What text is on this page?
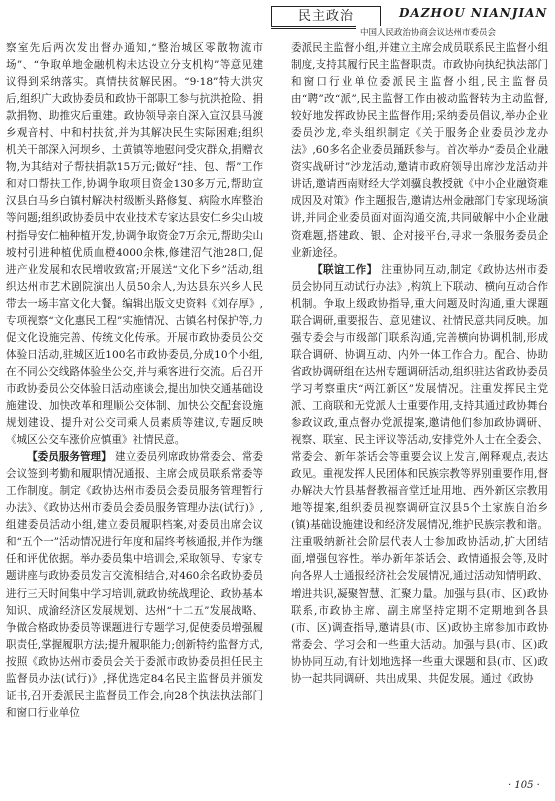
民主政治	DAZHOU NIANJIAN
中国人民政治协商会议达州市委员会

察室先后两次发出督办通知,“整治城区零散物流市场”、“争取单地金融机构未达设立分支机构”等意见建议得到采纳落实。真情扶贫解民困。“9·18”特大洪灾后,组织广大政协委员和政协干部职工参与抗洪抢险、捐款捐物、助推灾后重建。政协领导亲自深入宣汉县马渡乡观音村、中和村扶贫,并为其解决民生实际困难;组织机关干部深入河坝乡、土黄镇等地慰问受灾群众,捐赠衣物,为其结对子帮扶捐款15万元;做好“挂、包、帮”工作和对口帮扶工作,协调争取项目资金130多万元,帮助宣汉县白马乡白镇村解决村级断头路修复、病险水库整治等问题;组织政协委员中农业技术专家达县安仁乡尖山坡村指导安仁柚种植开发,协调争取资金7万余元,帮助尖山坡村引进种植优质血橙4000余株,修建沼气池28口,促进产业发展和农民增收致富;开展送“文化下乡”活动,组织达州市艺术剧院演出人员50余人,为达县东兴乡人民带去一场丰富文化大餐。编辑出版文史资料《刘存厚》,专项视察“文化惠民工程”实施情况、古镇名村保护等,力促文化设施完善、传统文化传承。开展市政协委员公交体验日活动,驻城区近100名市政协委员,分成10个小组,在不同公交线路体验坐公交,并与乘客进行交流。后召开市政协委员公交体验日活动座谈会,提出加快交通基础设施建设、加快改革和理顺公交体制、加快公交配套设施规划建设、提升对公交司乘人员素质等建议,专题反映《城区公交车涨价应慎重》社情民意。

【 委员服务管理 】 建立委员列席政协常委会、常委会议签到考勤和履职情况通报、主席会成员联系常委等工作制度。制定《政协达州市委员会委员服务管理暂行办法》、《政协达州市委员会委员服务管理办法(试行)》,组建委员活动小组,建立委员履职档案,对委员出席会议和“五个一”活动情况进行年度和届终考核通报,并作为继任和评优依据。举办委员集中培训会,采取领导、专家专题讲座与政协委员发言交流相结合,对460余名政协委员进行三天时间集中学习培训,就政协统战理论、政协基本知识、成渝经济区发展规划、达州“十二五”发展战略、争做合格政协委员等课题进行专题学习,促使委员增强履职责任,掌握履职方法;提升履职能力;创新特约监督方式,按照《政协达州市委员会关于委派市政协委员担任民主监督员办法(试行)》,择优选定84名民主监督员并颁发证书,召开委派民主监督员工作会,向28个执法执法部门和窗口行业单位

委派民主监督小组,并建立主席会成员联系民主监督小组制度,支持其履行民主监督职责。市政协向执纪执法部门和窗口行业单位委派民主监督小组,民主监督员由“聘”改“派”,民主监督工作由被动监督转为主动监督,较好地发挥政协民主监督作用;采纳委员倡议,举办企业委员沙龙,牵头组织制定《关于服务企业委员沙龙办法》,60多名企业委员踊跃参与。首次举办“委员企业融资实战研讨”沙龙活动,邀请市政府领导出席沙龙活动并讲话,邀请西南财经大学刘骥良教授就《中小企业融资难成因及对策》作主题报告,邀请达州金融部门专家现场演讲,并同企业委员面对面沟通交流,共同破解中小企业融资难题,搭建政、银、企对接平台,寻求一条服务委员企业新途径。

【 联谊工作 】 注重协同互动,制定《政协达州市委员会协同互动试行办法》,构筑上下联动、横向互动合作机制。争取上级政协指导,重大问题及时沟通,重大课题联合调研,重要报告、意见建议、社情民意共同反映。加强专委会与市级部门联系沟通,完善横向协调机制,形成联合调研、协调互动、内外一体工作合力。配合、协助省政协调研组在达州专题调研活动,组织驻达省政协委员学习考察重庆“两江新区”发展情况。注重发挥民主党派、工商联和无党派人士重要作用,支持其通过政协舞台参政议政,重点督办党派提案,邀请他们参加政协调研、视察、联室、民主评议等活动,安排党外人士在全委会、常委会、新年茶话会等重要会议上发言,阐释观点,表达政见。重视发挥人民团体和民族宗教等界别重要作用,督办解决大竹县基督教福音堂迁址用地、西外新区宗教用地等提案,组织委员视察调研宣汉县5个土家族自治乡(镇)基础设施建设和经济发展情况,维护民族宗教和谐。注重吸纳新社会阶层代表人士参加政协活动,扩大团结面,增强包容性。举办新年茶话会、政情通报会等,及时向各界人士通报经济社会发展情况,通过活动知情明政、增进共识,凝聚智慧、汇聚力量。加强与县(市、区)政协联系,市政协主席、副主席坚持定期不定期地到各县(市、区)调查指导,邀请县(市、区)政协主席参加市政协常委会、学习会和一些重大活动。加强与县(市、区)政协协同互动,有计划地选择一些重大课题和县(市、区)政协一起共同调研、共出成果、共促发展。通过《政协

· 105 ·
